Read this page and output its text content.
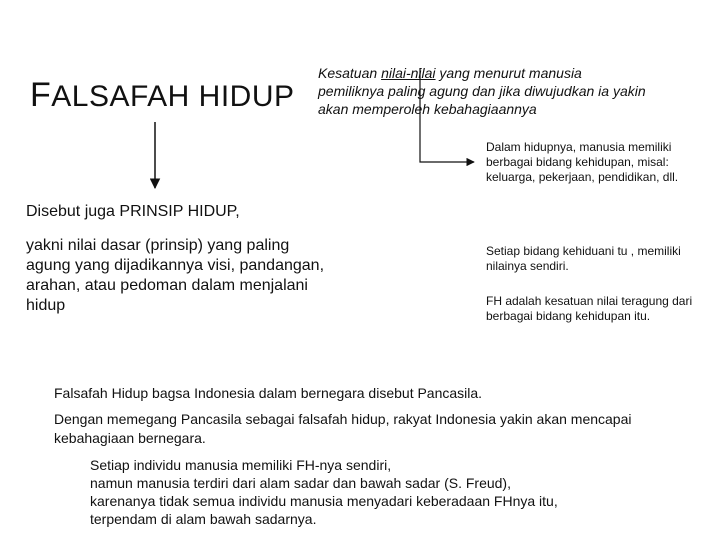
FALSAFAH HIDUP
Kesatuan nilai-nilai yang menurut manusia pemiliknya paling agung dan jika diwujudkan ia yakin akan memperoleh kebahagiaannya
Disebut juga PRINSIP HIDUP,
yakni nilai dasar (prinsip) yang paling agung yang dijadikannya visi, pandangan, arahan, atau pedoman dalam menjalani hidup
Dalam hidupnya, manusia memiliki berbagai bidang kehidupan, misal: keluarga, pekerjaan, pendidikan, dll.
Setiap bidang kehiduani tu , memiliki nilainya sendiri.
FH adalah kesatuan nilai teragung dari berbagai bidang kehidupan itu.
Falsafah Hidup bagsa Indonesia dalam bernegara disebut Pancasila.
Dengan memegang Pancasila sebagai falsafah hidup, rakyat Indonesia yakin akan mencapai kebahagiaan bernegara.
Setiap individu manusia memiliki FH-nya sendiri,
namun manusia terdiri dari alam sadar dan bawah sadar (S. Freud),
karenanya tidak semua individu manusia menyadari keberadaan FHnya itu,
terpendam di alam bawah sadarnya.
